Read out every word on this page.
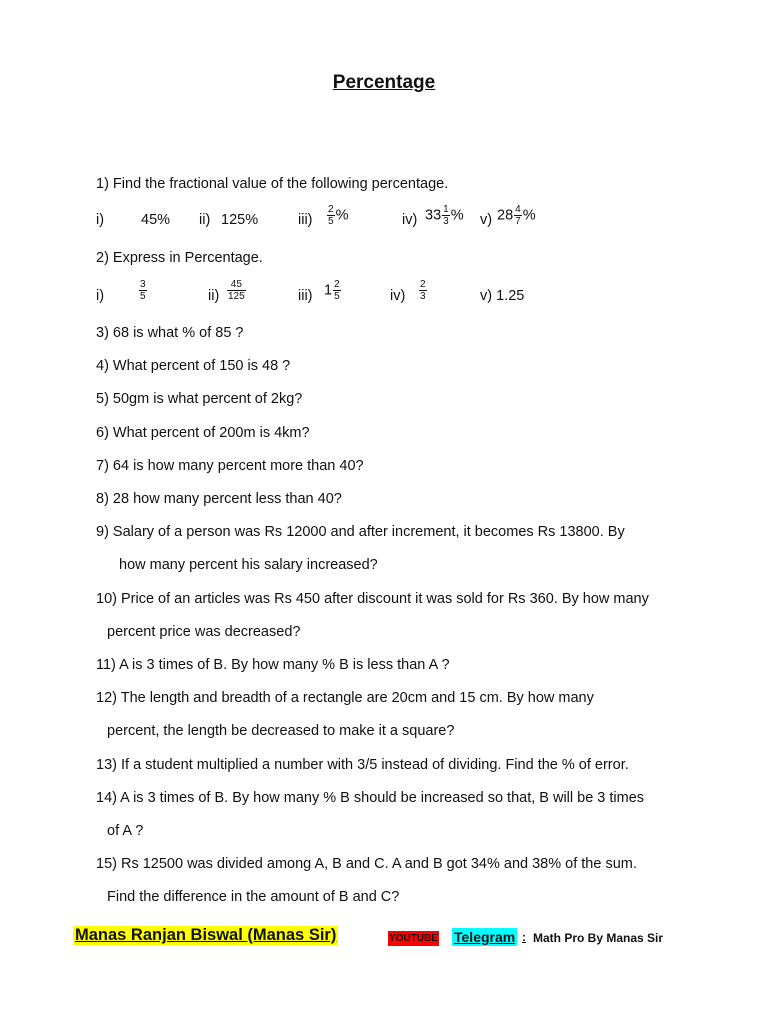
Percentage
1) Find the fractional value of the following percentage.
i)	45% ii) 125%	$iii) \frac{2}{5}$ %	iv) $33 \frac{1}{3}$ % v) $28 \frac{4}{7}$ %
2) Express in Percentage.
i)	$\frac{3}{5}$	$ii) \frac{45}{125}$	iii) $1 \frac{2}{5}$	$iv) \frac{2}{3}$	v) 1.25
3) 68 is what % of 85 ?
4) What percent of 150 is 48 ?
5) 50gm is what percent of 2kg?
6) What percent of 200m is 4km?
7) 64 is how many percent more than 40?
8) 28 how many percent less than 40?
9) Salary of a person was Rs 12000 and after increment, it becomes Rs 13800. By
how many percent his salary increased?
10) Price of an articles was Rs 450 after discount it was sold for Rs 360. By how many
percent price was decreased?
11) A is 3 times of B. By how many % B is less than A ?
12) The length and breadth of a rectangle are 20cm and 15 cm. By how many
percent, the length be decreased to make it a square?
13) If a student multiplied a number with 3/5 instead of dividing. Find the % of error.
14) A is 3 times of B. By how many % B should be increased so that, B will be 3 times
of A ?
15) Rs 12500 was divided among A, B and C. A and B got 34% and 38% of the sum.
Find the difference in the amount of B and C?
Manas Ranjan Biswal (Manas Sir)	YOUTUBE Telegram : Math Pro By Manas Sir
